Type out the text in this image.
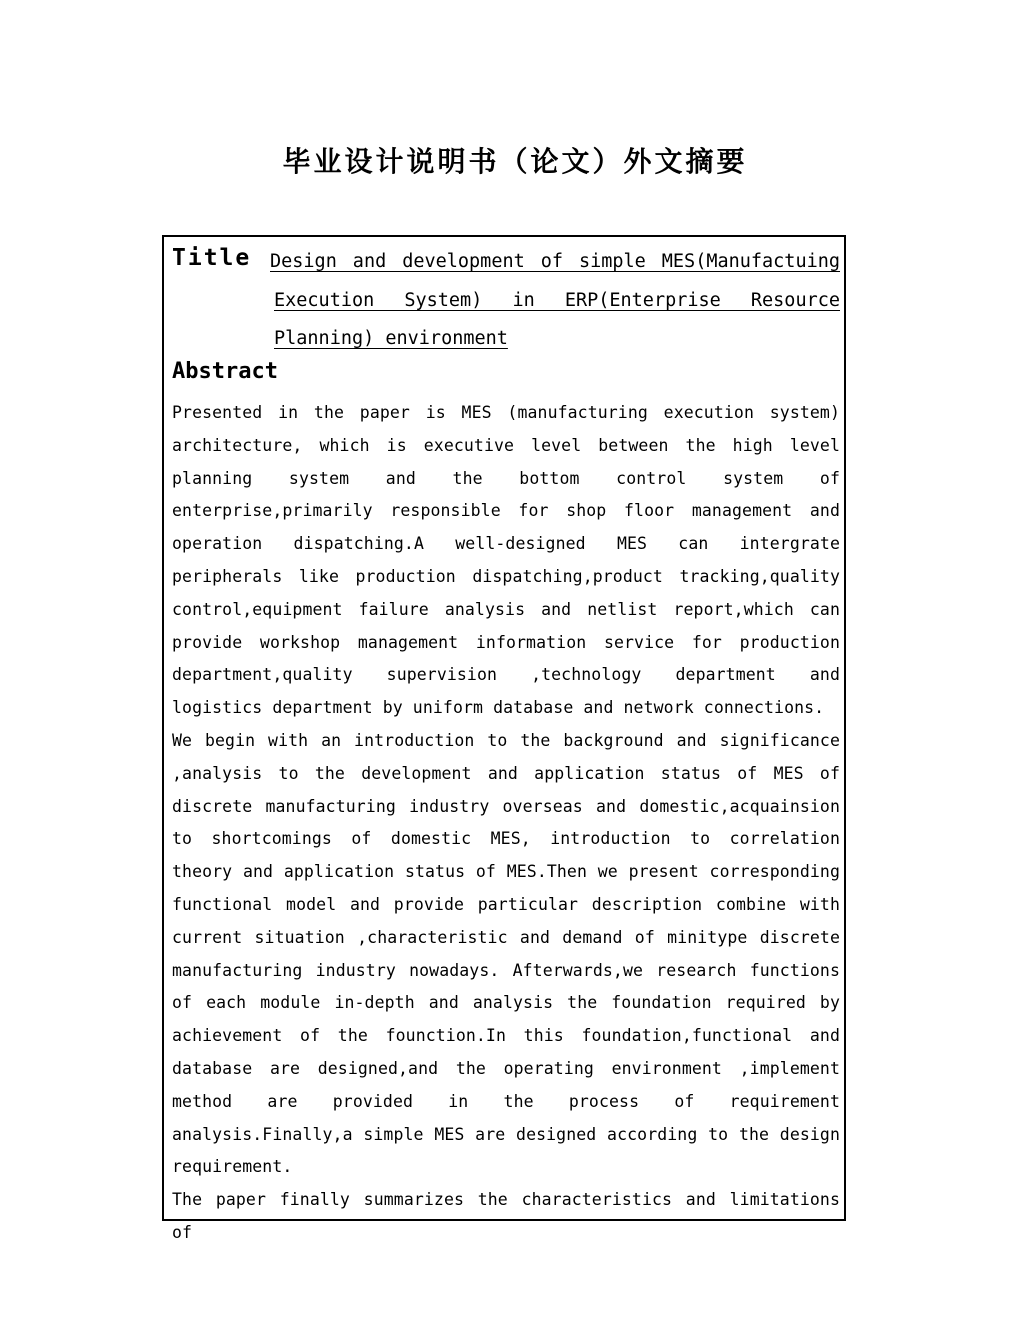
毕业设计说明书（论文）外文摘要
Title Design and development of simple MES(Manufactuing Execution System) in ERP(Enterprise Resource Planning) environment
Abstract

Presented in the paper is MES (manufacturing execution system) architecture, which is executive level between the high level planning system and the bottom control system of enterprise,primarily responsible for shop floor management and operation dispatching.A well-designed MES can intergrate peripherals like production dispatching,product tracking,quality control,equipment failure analysis and netlist report,which can provide workshop management information service for production department,quality supervision ,technology department and logistics department by uniform database and network connections.

We begin with an introduction to the background and significance ,analysis to the development and application status of MES of discrete manufacturing industry overseas and domestic,acquainsion to shortcomings of domestic MES, introduction to correlation theory and application status of MES.Then we present corresponding functional model and provide particular description combine with current situation ,characteristic and demand of minitype discrete manufacturing industry nowadays. Afterwards,we research functions of each module in-depth and analysis the foundation required by achievement of the founction.In this foundation,functional and database are designed,and the operating environment ,implement method are provided in the process of requirement analysis.Finally,a simple MES are designed according to the design requirement.

The paper finally summarizes the characteristics and limitations of
